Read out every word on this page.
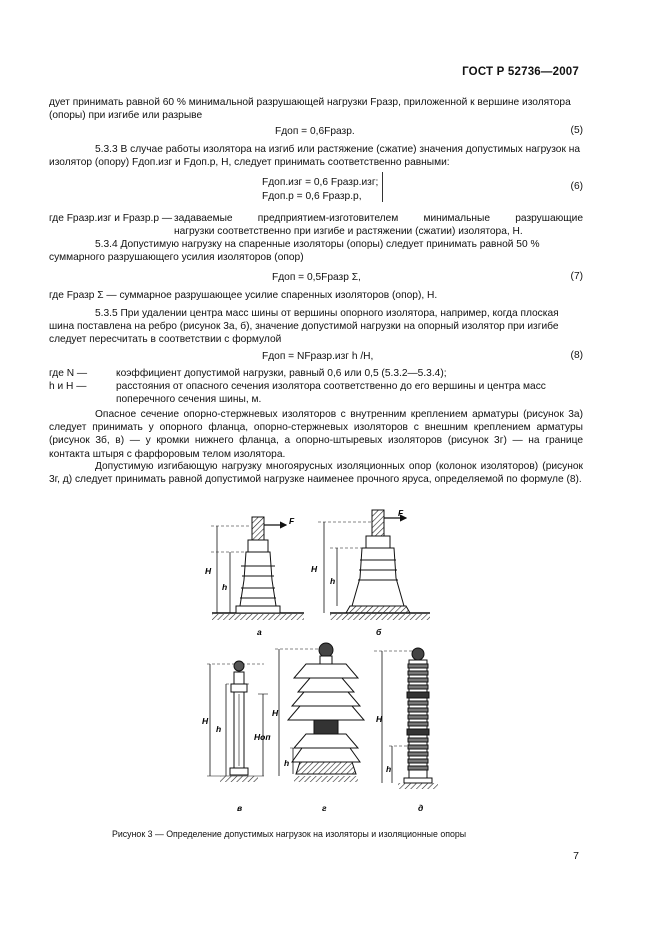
ГОСТ Р 52736—2007
дует принимать равной 60 % минимальной разрушающей нагрузки Fразр, приложенной к вершине изолятора (опоры) при изгибе или разрыве
Fдоп = 0,6Fразр.	(5)
5.3.3 В случае работы изолятора на изгиб или растяжение (сжатие) значения допустимых нагрузок на изолятор (опору) Fдоп.изг и Fдоп.р, Н, следует принимать соответственно равными:
Fдоп.изг = 0,6 Fразр.изг;
Fдоп.р = 0,6 Fразр.р,
(6)
где Fразр.изг и Fразр.р — задаваемые предприятием-изготовителем минимальные разрушающие
нагрузки соответственно при изгибе и растяжении (сжатии) изолятора, Н.
5.3.4 Допустимую нагрузку на спаренные изоляторы (опоры) следует принимать равной 50 % суммарного разрушающего усилия изоляторов (опор)
Fдоп = 0,5Fразр Σ,	(7)
где Fразр Σ — суммарное разрушающее усилие спаренных изоляторов (опор), Н.
5.3.5 При удалении центра масс шины от вершины опорного изолятора, например, когда плоская шина поставлена на ребро (рисунок 3а, б), значение допустимой нагрузки на опорный изолятор при изгибе следует пересчитать в соответствии с формулой
Fдоп = NFразр.изг h /H,	(8)
где N —	коэффициент допустимой нагрузки, равный 0,6 или 0,5 (5.3.2—5.3.4);
h и H —	расстояния от опасного сечения изолятора соответственно до его вершины и центра масс
поперечного сечения шины, м.
Опасное сечение опорно-стержневых изоляторов с внутренним креплением арматуры (рисунок 3а) следует принимать у опорного фланца, опорно-стержневых изоляторов с внешним креплением арматуры (рисунок 3б, в) — у кромки нижнего фланца, а опорно-штыревых изоляторов (рисунок 3г) — на границе контакта штыря с фарфоровым телом изолятора.
Допустимую изгибающую нагрузку многоярусных изоляционных опор (колонок изоляторов) (рисунок 3г, д) следует принимать равной допустимой нагрузке наименее прочного яруса, определяемой по формуле (8).
F
H
h
а
F
H
h
б
H
h
Hоп
в
H
h
г
H
h
д
Рисунок 3 — Определение допустимых нагрузок на изоляторы и изоляционные опоры
7
